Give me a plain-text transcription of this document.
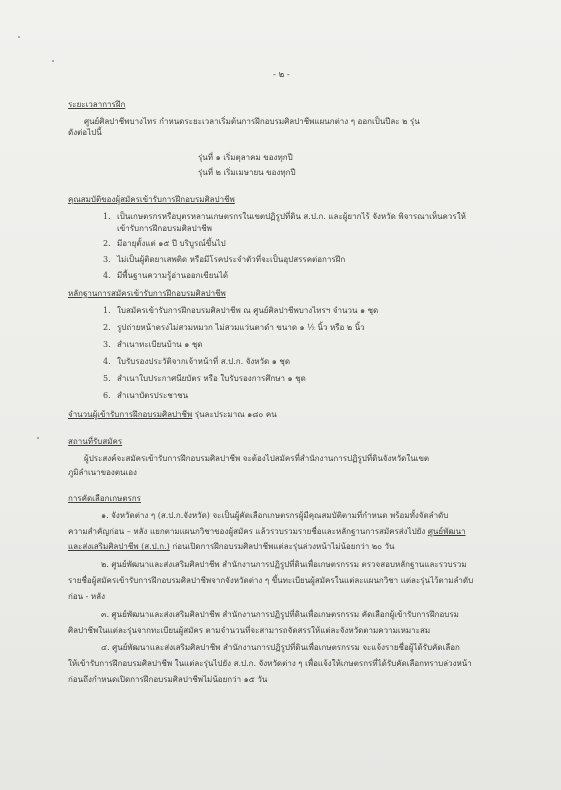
- ๒ -
ระยะเวลาการฝึก
ศูนย์ศิลปาชีพบางไทร กำหนดระยะเวลาเริ่มต้นการฝึกอบรมศิลปาชีพแผนกต่าง ๆ ออกเป็นปีละ ๒ รุ่น
ดังต่อไปนี้
รุ่นที่ ๑ เริ่มตุลาคม ของทุกปี
รุ่นที่ ๒ เริ่มเมษายน ของทุกปี
คุณสมบัติของผู้สมัครเข้ารับการฝึกอบรมศิลปาชีพ
1. เป็นเกษตรกรหรือบุตรหลานเกษตรกรในเขตปฏิรูปที่ดิน ส.ป.ก. และผู้ยากไร้ จังหวัด พิจารณาเห็นควรให้
เข้ารับการฝึกอบรมศิลปาชีพ
2. มีอายุตั้งแต่ ๑๕ ปี บริบูรณ์ขึ้นไป
3. ไม่เป็นผู้ติดยาเสพติด หรือมีโรคประจำตัวที่จะเป็นอุปสรรคต่อการฝึก
4. มีพื้นฐานความรู้อ่านออกเขียนได้
หลักฐานการสมัครเข้ารับการฝึกอบรมศิลปาชีพ
1. ใบสมัครเข้ารับการฝึกอบรมศิลปาชีพ ณ ศูนย์ศิลปาชีพบางไทรฯ จำนวน ๑ ชุด
2. รูปถ่ายหน้าตรงไม่สวมหมวก ไม่สวมแว่นตาดำ ขนาด ๑ ½ นิ้ว หรือ ๒ นิ้ว
3. สำเนาทะเบียนบ้าน ๑ ชุด
4. ใบรับรองประวัติจากเจ้าหน้าที่ ส.ป.ก. จังหวัด ๑ ชุด
5. สำเนาใบประกาศนียบัตร หรือ ใบรับรองการศึกษา ๑ ชุด
6. สำเนาบัตรประชาชน
จำนวนผู้เข้ารับการฝึกอบรมศิลปาชีพ รุ่นละประมาณ ๑๘๐ คน
สถานที่รับสมัคร
ผู้ประสงค์จะสมัครเข้ารับการฝึกอบรมศิลปาชีพ จะต้องไปสมัครที่สำนักงานการปฏิรูปที่ดินจังหวัดในเขต
ภูมิลำเนาของตนเอง
การคัดเลือกเกษตรกร
๑. จังหวัดต่าง ๆ (ส.ป.ก.จังหวัด) จะเป็นผู้คัดเลือกเกษตรกรผู้มีคุณสมบัติตามที่กำหนด พร้อมทั้งจัดลำดับ
ความสำคัญก่อน – หลัง แยกตามแผนกวิชาของผู้สมัคร แล้วรวบรวมรายชื่อและหลักฐานการสมัครส่งไปยัง ศูนย์พัฒนา
และส่งเสริมศิลปาชีพ (ส.ป.ก.) ก่อนเปิดการฝึกอบรมศิลปาชีพแต่ละรุ่นล่วงหน้าไม่น้อยกว่า ๒๐ วัน
๒. ศูนย์พัฒนาและส่งเสริมศิลปาชีพ สำนักงานการปฏิรูปที่ดินเพื่อเกษตรกรรม ตรวจสอบหลักฐานและรวบรวม
รายชื่อผู้สมัครเข้ารับการฝึกอบรมศิลปาชีพจากจังหวัดต่าง ๆ ขึ้นทะเบียนผู้สมัครในแต่ละแผนกวิชา แต่ละรุ่นไว้ตามลำดับ
ก่อน - หลัง
๓. ศูนย์พัฒนาและส่งเสริมศิลปาชีพ สำนักงานการปฏิรูปที่ดินเพื่อเกษตรกรรม คัดเลือกผู้เข้ารับการฝึกอบรม
ศิลปาชีพในแต่ละรุ่นจากทะเบียนผู้สมัคร ตามจำนวนที่จะสามารถจัดสรรให้แต่ละจังหวัดตามความเหมาะสม
๔. ศูนย์พัฒนาและส่งเสริมศิลปาชีพ สำนักงานการปฏิรูปที่ดินเพื่อเกษตรกรรม จะแจ้งรายชื่อผู้ได้รับคัดเลือก
ให้เข้ารับการฝึกอบรมศิลปาชีพ ในแต่ละรุ่นไปยัง ส.ป.ก. จังหวัดต่าง ๆ เพื่อแจ้งให้เกษตรกรที่ได้รับคัดเลือกทราบล่วงหน้า
ก่อนถึงกำหนดเปิดการฝึกอบรมศิลปาชีพไม่น้อยกว่า ๑๕ วัน
